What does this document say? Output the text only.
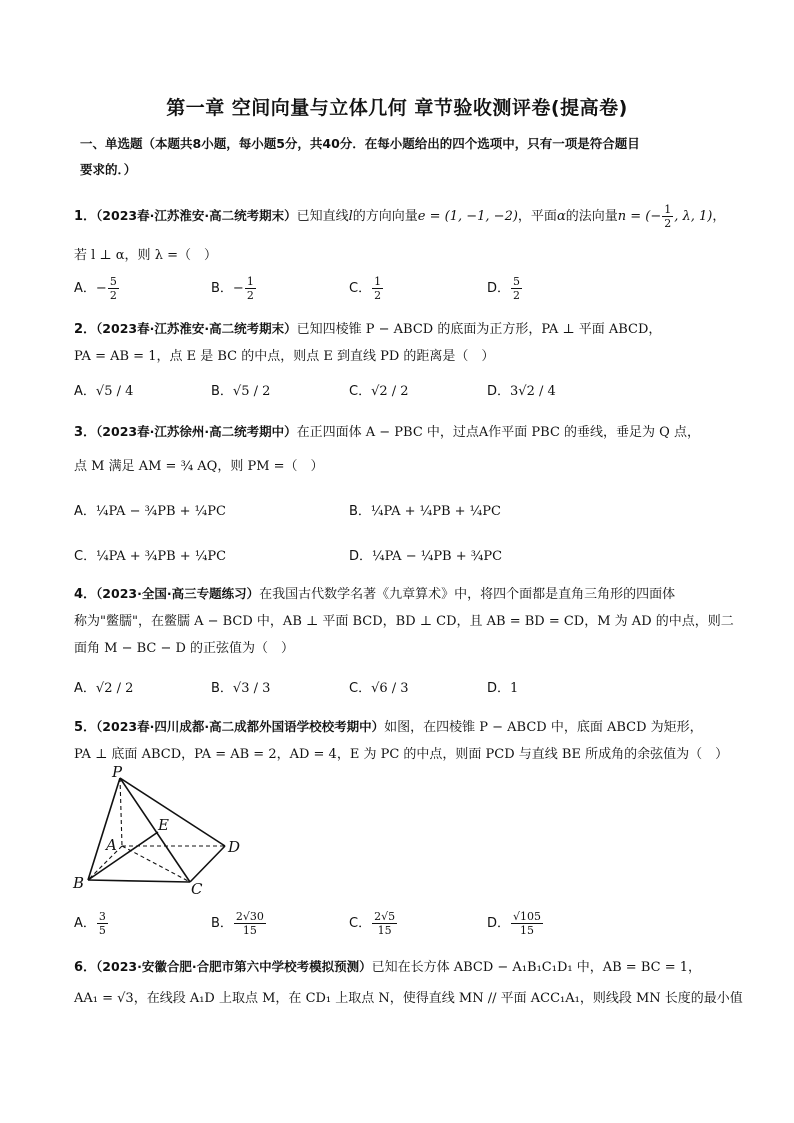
第一章 空间向量与立体几何 章节验收测评卷(提高卷)
一、单选题（本题共8小题，每小题5分，共40分．在每小题给出的四个选项中，只有一项是符合题目
要求的．）
1．（2023春·江苏淮安·高二统考期末）已知直线l的方向向量e = (1, −1, −2)，平面α的法向量n = (− $\frac{1}{2}$ , λ, 1)，
若 l ⊥ α，则 λ =（　）
A．− $\frac{5}{2}$	B．− $\frac{1}{2}$	C． $\frac{1}{2}$	D． $\frac{5}{2}$
2．（2023春·江苏淮安·高二统考期末）已知四棱锥 P − ABCD 的底面为正方形，PA ⊥ 平面 ABCD，
PA = AB = 1，点 E 是 BC 的中点，则点 E 到直线 PD 的距离是（　）
A．√5 / 4	B．√5 / 2	C．√2 / 2	D．3√2 / 4
3．（2023春·江苏徐州·高二统考期中）在正四面体 A − PBC 中，过点A作平面 PBC 的垂线，垂足为 Q 点，
点 M 满足 AM = ¾ AQ，则 PM =（　）
A．¼PA − ¾PB + ¼PC	B．¼PA + ¼PB + ¼PC
C．¼PA + ¾PB + ¼PC	D．¼PA − ¼PB + ¾PC
4．（2023·全国·高三专题练习）在我国古代数学名著《九章算术》中，将四个面都是直角三角形的四面体
称为"鳖臑"，在鳖臑 A − BCD 中，AB ⊥ 平面 BCD，BD ⊥ CD，且 AB = BD = CD，M 为 AD 的中点，则二
面角 M − BC − D 的正弦值为（　）
A．√2 / 2	B．√3 / 3	C．√6 / 3	D．1
5．（2023春·四川成都·高二成都外国语学校校考期中）如图，在四棱锥 P − ABCD 中，底面 ABCD 为矩形，
PA ⊥ 底面 ABCD，PA = AB = 2，AD = 4，E 为 PC 的中点，则面 PCD 与直线 BE 所成角的余弦值为（　）
P
E
A	D
B	C
A． $\frac{3}{5}$	B． $\frac{2√30}{15}$	C． $\frac{2√5}{15}$	D． $\frac{√105}{15}$
6．（2023·安徽合肥·合肥市第六中学校考模拟预测）已知在长方体 ABCD − A₁B₁C₁D₁ 中，AB = BC = 1，
AA₁ = √3，在线段 A₁D 上取点 M，在 CD₁ 上取点 N，使得直线 MN // 平面 ACC₁A₁，则线段 MN 长度的最小值
